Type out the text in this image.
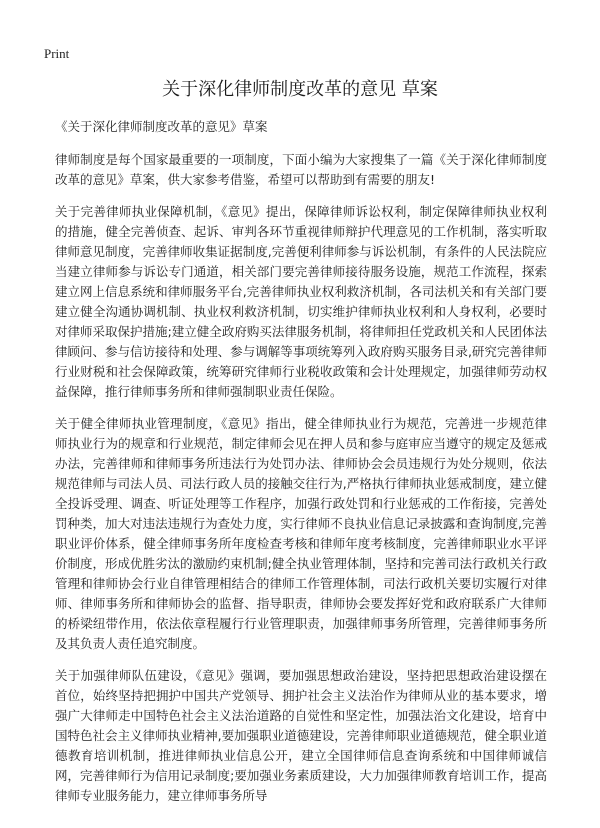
Print
关于深化律师制度改革的意见 草案

《关于深化律师制度改革的意见》草案

律师制度是每个国家最重要的一项制度，下面小编为大家搜集了一篇《关于深化律师制度改革的意见》草案，供大家参考借鉴，希望可以帮助到有需要的朋友!

关于完善律师执业保障机制，《意见》提出，保障律师诉讼权利，制定保障律师执业权利的措施，健全完善侦查、起诉、审判各环节重视律师辩护代理意见的工作机制，落实听取律师意见制度，完善律师收集证据制度,完善便利律师参与诉讼机制，有条件的人民法院应当建立律师参与诉讼专门通道，相关部门要完善律师接待服务设施，规范工作流程，探索建立网上信息系统和律师服务平台,完善律师执业权利救济机制，各司法机关和有关部门要建立健全沟通协调机制、执业权利救济机制，切实维护律师执业权利和人身权利，必要时对律师采取保护措施;建立健全政府购买法律服务机制，将律师担任党政机关和人民团体法律顾问、参与信访接待和处理、参与调解等事项统筹列入政府购买服务目录,研究完善律师行业财税和社会保障政策，统筹研究律师行业税收政策和会计处理规定，加强律师劳动权益保障，推行律师事务所和律师强制职业责任保险。

关于健全律师执业管理制度，《意见》指出，健全律师执业行为规范，完善进一步规范律师执业行为的规章和行业规范，制定律师会见在押人员和参与庭审应当遵守的规定及惩戒办法，完善律师和律师事务所违法行为处罚办法、律师协会会员违规行为处分规则，依法规范律师与司法人员、司法行政人员的接触交往行为,严格执行律师执业惩戒制度，建立健全投诉受理、调查、听证处理等工作程序，加强行政处罚和行业惩戒的工作衔接，完善处罚种类，加大对违法违规行为查处力度，实行律师不良执业信息记录披露和查询制度,完善职业评价体系，健全律师事务所年度检查考核和律师年度考核制度，完善律师职业水平评价制度，形成优胜劣汰的激励约束机制;健全执业管理体制，坚持和完善司法行政机关行政管理和律师协会行业自律管理相结合的律师工作管理体制，司法行政机关要切实履行对律师、律师事务所和律师协会的监督、指导职责，律师协会要发挥好党和政府联系广大律师的桥梁纽带作用，依法依章程履行行业管理职责，加强律师事务所管理，完善律师事务所及其负责人责任追究制度。

关于加强律师队伍建设，《意见》强调，要加强思想政治建设，坚持把思想政治建设摆在首位，始终坚持把拥护中国共产党领导、拥护社会主义法治作为律师从业的基本要求，增强广大律师走中国特色社会主义法治道路的自觉性和坚定性，加强法治文化建设，培育中国特色社会主义律师执业精神,要加强职业道德建设，完善律师职业道德规范，健全职业道德教育培训机制，推进律师执业信息公开，建立全国律师信息查询系统和中国律师诚信网，完善律师行为信用记录制度;要加强业务素质建设，大力加强律师教育培训工作，提高律师专业服务能力，建立律师事务所导
